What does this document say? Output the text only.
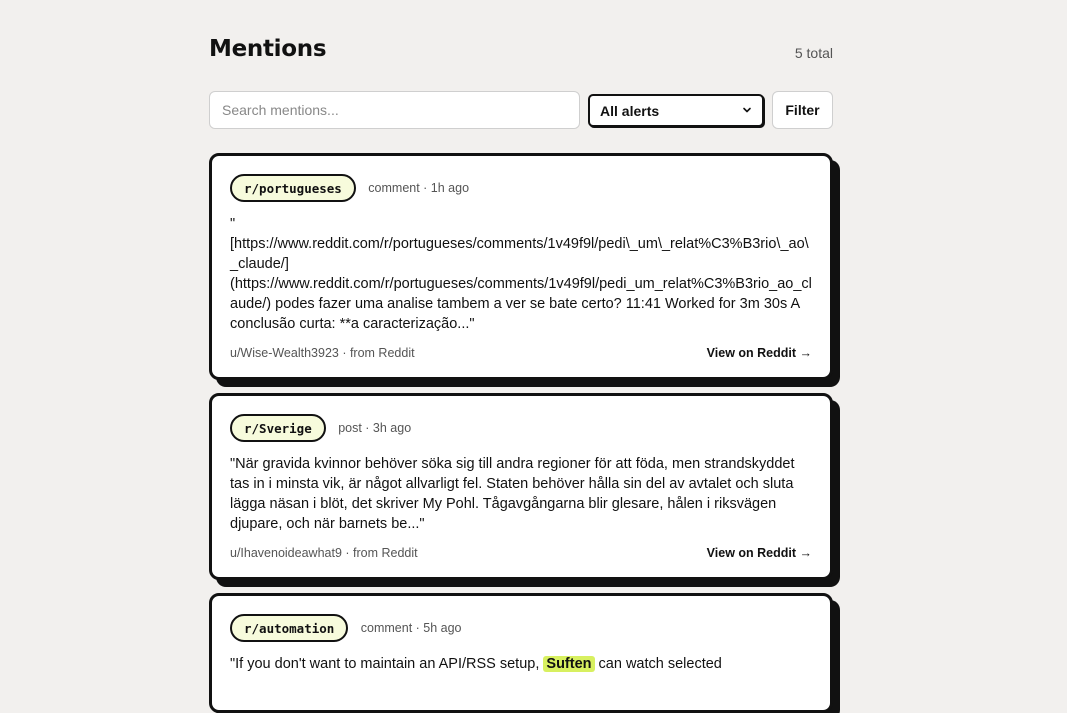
Mentions	5 total
Search mentions...
All alerts	Filter
r/portugueses comment · 1h ago

" [https://www.reddit.com/r/portugueses/comments/1v49f9l/pedi\_um\_relat%C3%B3rio\_ao\_claude/](https://www.reddit.com/r/portugueses/comments/1v49f9l/pedi_um_relat%C3%B3rio_ao_claude/) podes fazer uma analise tambem a ver se bate certo? 11:41 Worked for 3m 30s A conclusão curta: **a caracterização..."

u/Wise-Wealth3923 · from Reddit	View on Reddit →
r/Sverige post · 3h ago

"När gravida kvinnor behöver söka sig till andra regioner för att föda, men strandskyddet tas in i minsta vik, är något allvarligt fel. Staten behöver hålla sin del av avtalet och sluta lägga näsan i blöt, det skriver My Pohl. Tågavgångarna blir glesare, hålen i riksvägen djupare, och när barnets be..."

u/Ihavenoideawhat9 · from Reddit	View on Reddit →
r/automation comment · 5h ago

"If you don't want to maintain an API/RSS setup, Suften can watch selected
